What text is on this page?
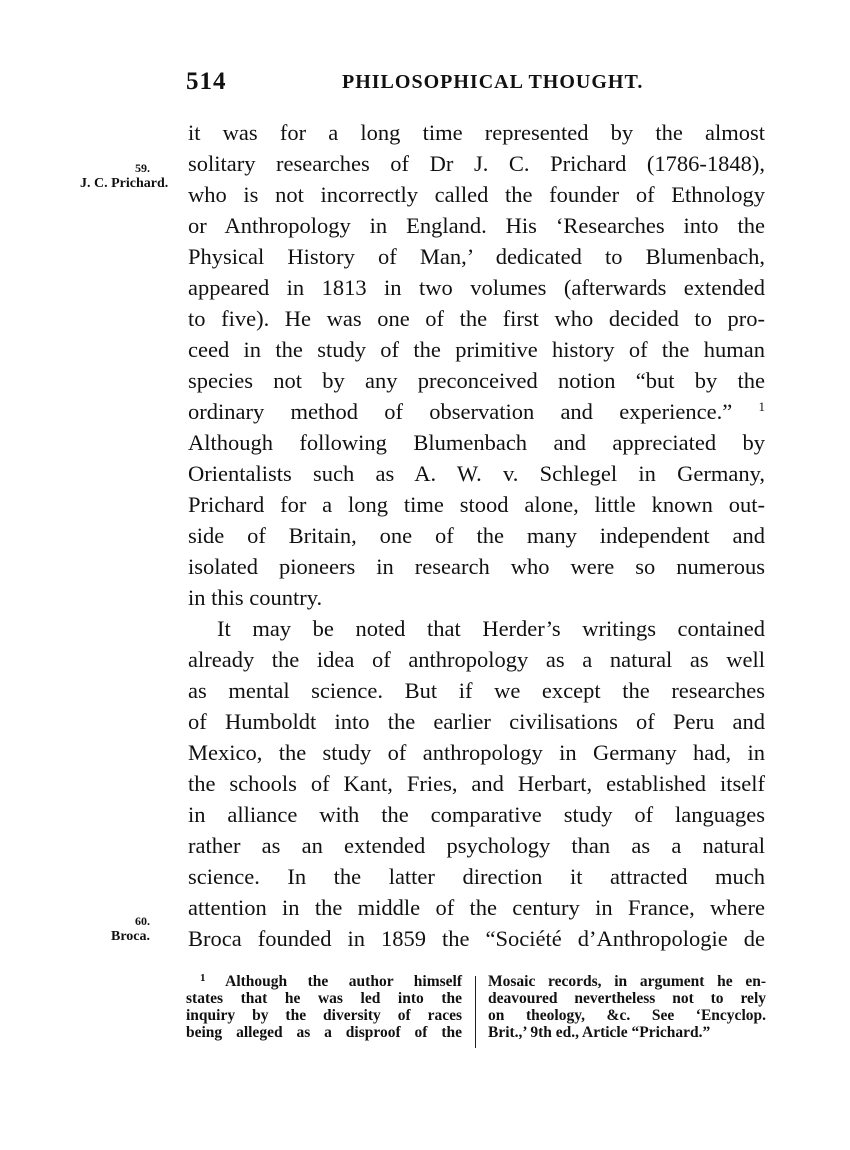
514	PHILOSOPHICAL THOUGHT.
59.
J. C. Prichard.
60.
Broca.
it was for a long time represented by the almost
solitary researches of Dr J. C. Prichard (1786-1848),
who is not incorrectly called the founder of Ethnology
or Anthropology in England. His ‘Researches into the
Physical History of Man,’ dedicated to Blumenbach,
appeared in 1813 in two volumes (afterwards extended
to five). He was one of the first who decided to pro-
ceed in the study of the primitive history of the human
species not by any preconceived notion “but by the
ordinary method of observation and experience.” $^1$
Although following Blumenbach and appreciated by
Orientalists such as A. W. v. Schlegel in Germany,
Prichard for a long time stood alone, little known out-
side of Britain, one of the many independent and
isolated pioneers in research who were so numerous
in this country.
It may be noted that Herder’s writings contained
already the idea of anthropology as a natural as well
as mental science. But if we except the researches
of Humboldt into the earlier civilisations of Peru and
Mexico, the study of anthropology in Germany had, in
the schools of Kant, Fries, and Herbart, established itself
in alliance with the comparative study of languages
rather as an extended psychology than as a natural
science. In the latter direction it attracted much
attention in the middle of the century in France, where
Broca founded in 1859 the “Société d’Anthropologie de
$^1$ Although the author himself
states that he was led into the
inquiry by the diversity of races
being alleged as a disproof of the
Mosaic records, in argument he en-
deavoured nevertheless not to rely
on theology, &c. See ‘Encyclop.
Brit.,’ 9th ed., Article “Prichard.”
